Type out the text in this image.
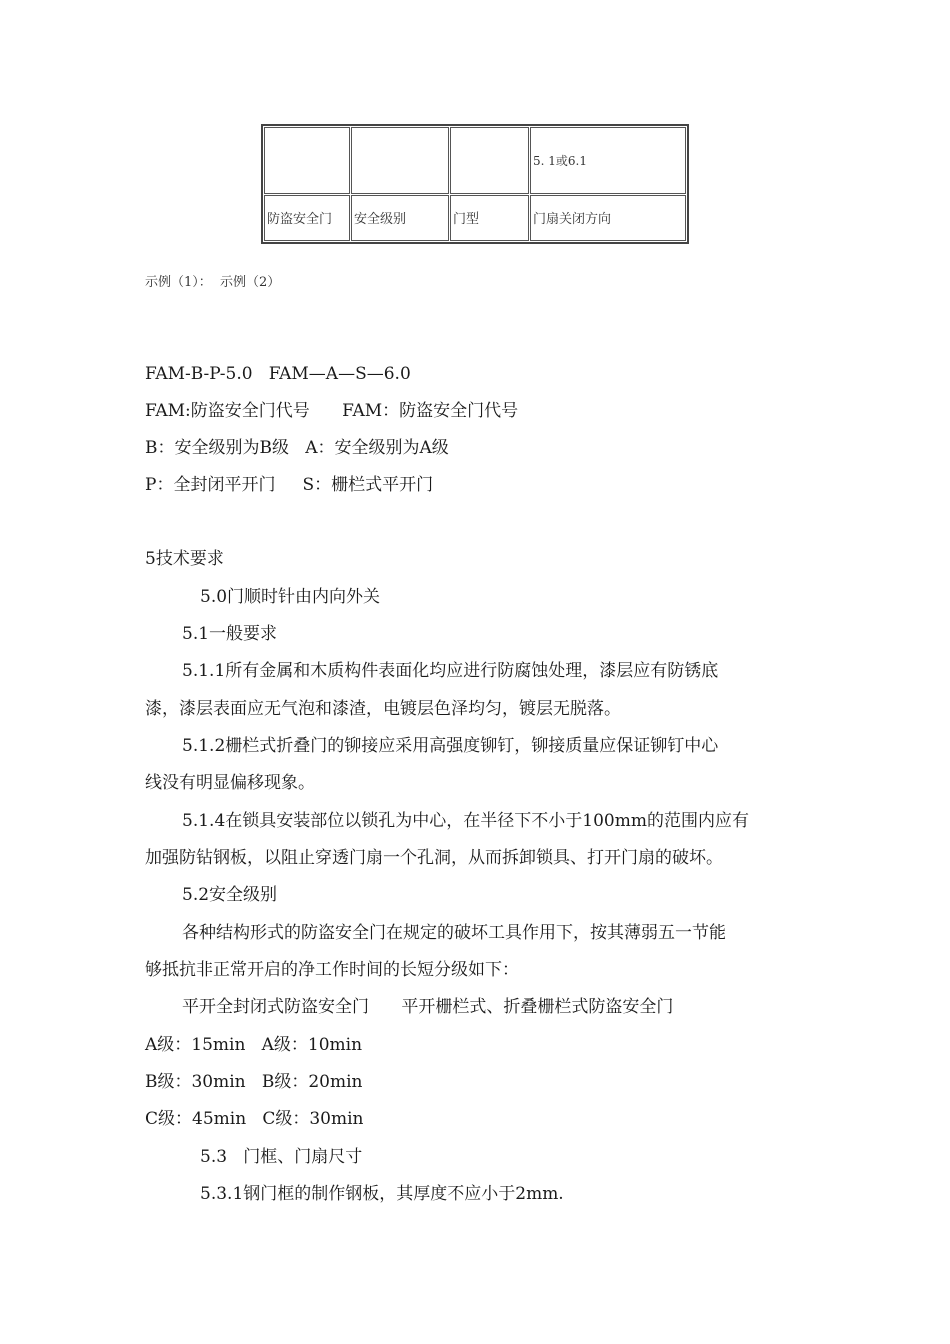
			5. 1或6.1
防盗安全门	安全级别	门型	门扇关闭方向
示例（1）：  示例（2）
FAM-B-P-5.0   FAM—A—S—6.0
FAM:防盗安全门代号      FAM：防盗安全门代号
B：安全级别为B级   A：安全级别为A级
P：全封闭平开门     S：栅栏式平开门
5技术要求
5.0门顺时针由内向外关
5.1一般要求
5.1.1所有金属和木质构件表面化均应进行防腐蚀处理，漆层应有防锈底
漆，漆层表面应无气泡和漆渣，电镀层色泽均匀，镀层无脱落。
5.1.2栅栏式折叠门的铆接应采用高强度铆钉，铆接质量应保证铆钉中心
线没有明显偏移现象。
5.1.4在锁具安装部位以锁孔为中心，在半径下不小于100mm的范围内应有
加强防钻钢板，以阻止穿透门扇一个孔洞，从而拆卸锁具、打开门扇的破坏。
5.2安全级别
各种结构形式的防盗安全门在规定的破坏工具作用下，按其薄弱五一节能
够抵抗非正常开启的净工作时间的长短分级如下：
平开全封闭式防盗安全门      平开栅栏式、折叠栅栏式防盗安全门
A级：15min   A级：10min
B级：30min   B级：20min
C级：45min   C级：30min
5.3   门框、门扇尺寸
5.3.1钢门框的制作钢板，其厚度不应小于2mm.
